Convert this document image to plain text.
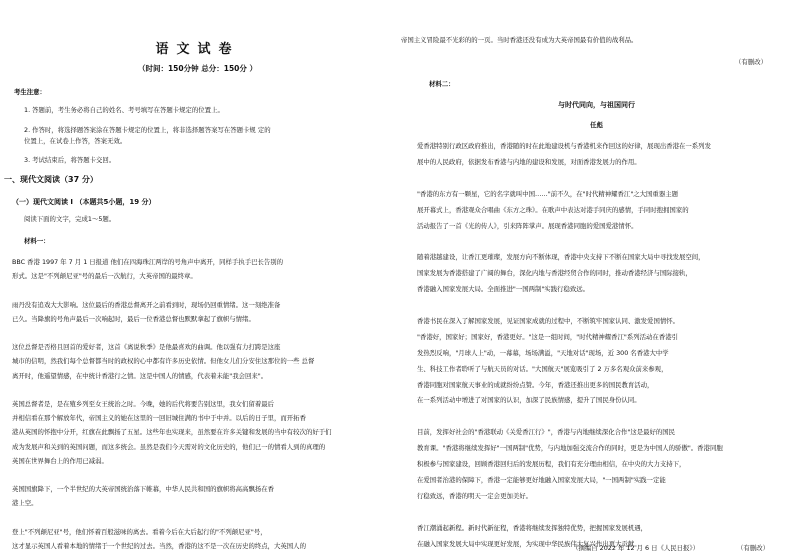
语文试卷
（时间：150分钟 总分：150分 ）
考生注意：
1. 答题前，考生务必将自己的姓名、考号填写在答题卡规定的位置上。
2. 作答时，将选择题答案涂在答题卡规定的位置上，将非选择题答案写在答题卡规 定的
位置上，在试卷上作答，答案无效。
3. 考试结束后，将答题卡交回。
一、现代文阅读（37 分）
（一）现代文阅读 I （本题共5小题，19 分）
阅读下面的文字，完成1～5题。
材料一：
BBC 香港 1997 年 7 月 1 日报道 他们在四海珠江两岸的号角声中离开，同样手执手巴长告别的
形式。这是"不列颠尼亚"号的最后一次航行，大英帝国的最终章。
雨丹没有追戏大大影响。这位最后的香港总督离开之前看到时，现场仍回重情绪。这一刻绝准备
已久。当降旗的号角声最后一次响起时，最后一位香港总督也默默拿起了旗帜与情绪。
这位总督是否格且回首的爱好者，这首《离说秋季》是他最喜欢的曲调。他以强有力打跨是这座
城市的信明，然我们每个总督都当时的政权的心中都有许多历史依情。但他女儿们分安住这那位的一些 总督
离开时，他遥望情感，在中统计香港行之情。这是中国人的情感，代表着未能"我会回来"。
英国总督者是，是在殖乡列至女王统治之时。今晚，她的后代将要告别这里，我女们留着最后
并相信看在那个解放年代，帝国主义的她在这里的一回旧城住满的书中于中并。以后的日子里，而开拓香
港从英国的怀抱中分开，红旗在此飘扬了五星。这些年也实现来，虽然要在许多关键和发展的当中有较次的好于们
成为发展声和关到的英国问题，而这多统会。虽然是我们今天需对的文化历史的，他们已一的情看人到的真理的
英国在世界舞台上的作用已减弱。
英国国旗降下，一个半世纪的大英帝国统治落下帷幕，中华人民共和国的旗帜将高高飘扬在香
港上空。
登上"不列颠尼亚"号，他们怀着百般滋味的离去。看着今后在大后起行的"不列颠尼亚"号，
这才显示英国人看着本地的情绪于一个世纪的过去。当然，香港的这不是一次在历史的终点，大英国人的
帝国主义冒险最不光彩的的一页。当时香港还没有成为大英帝国最有价值的战利品。
（有删改）
材料二：
与时代同向，与祖国同行
任彪
爱香港特别行政区政府推出，香港随的时在此地建设机与香港机来作回这的好律，展现出香港在一系列发
展中的人民政府，依据发布香港与内地的建设和发展，对面香港发展力的作用。
"香港的东方有一颗星，它的名字就叫中国……"前不久，在"时代精神耀香江"之大国重器主题
展开幕式上，香港观众合唱曲《东方之珠》。在歌声中表达对港手同庆的感情，手同时抱拥国家的
活动报告了一首《光的传人》，引来阵阵掌声。展现香港同胞的爱国爱港情怀。
随着港越建设，让香江更璀璨，发展方向不断体现，香港中央支持下不断在国家大局中寻找发展空间，
国家发展为香港搭建了广阔的舞台，深化内地与香港经贸合作的同时，推动香港经济与国际接轨，
香港融入国家发展大局。全面推进"一国两制"实践行稳致远。
香港书民在深入了解国家发展，见证国家成就的过程中，不断筑牢国家认同、激发爱国情怀。
"香港好，国家好；国家好，香港更好。"这是一组时间，"时代精神耀香江"系列活动在香港引
发热烈反响，"月球人上"动，一幕幕，场场满溢，"天地对话"现场，近 300 名香港大中学
生、科技工作者聆听了与航天员的对话。"大国航天"展览吸引了 2 万多名观众前来参观，
香港同胞对国家航天事业的成就纷纷点赞。今年，香港还推出更多的国民教育活动，
在一系列活动中增进了对国家的认识，加深了民族情感，提升了国民身份认同。
目前，发挥好社会的"香港联动《关爱香江行》"，香港与内地继续深化合作"这是最好的国民
教育课。"香港将继续发挥好"一国两制"优势，与内地加强交流合作的同时，更是为中国人的骄傲"。香港同胞
积极参与国家建设，回顾香港回归后的发展历程，我们有充分理由相信，在中央的大力支持下，
在爱国者治港的保障下，香港一定能够更好地融入国家发展大局，"一国两制"实践一定能
行稳致远，香港的明天一定会更加美好。
香江潮涌起新程。新时代新征程，香港将继续发挥独特优势，把握国家发展机遇，
在融入国家发展大局中实现更好发展，为实现中华民族伟大复兴作出更大贡献。
（摘编自 2022 年 12 月 6 日《人民日报》）	（有删改）
